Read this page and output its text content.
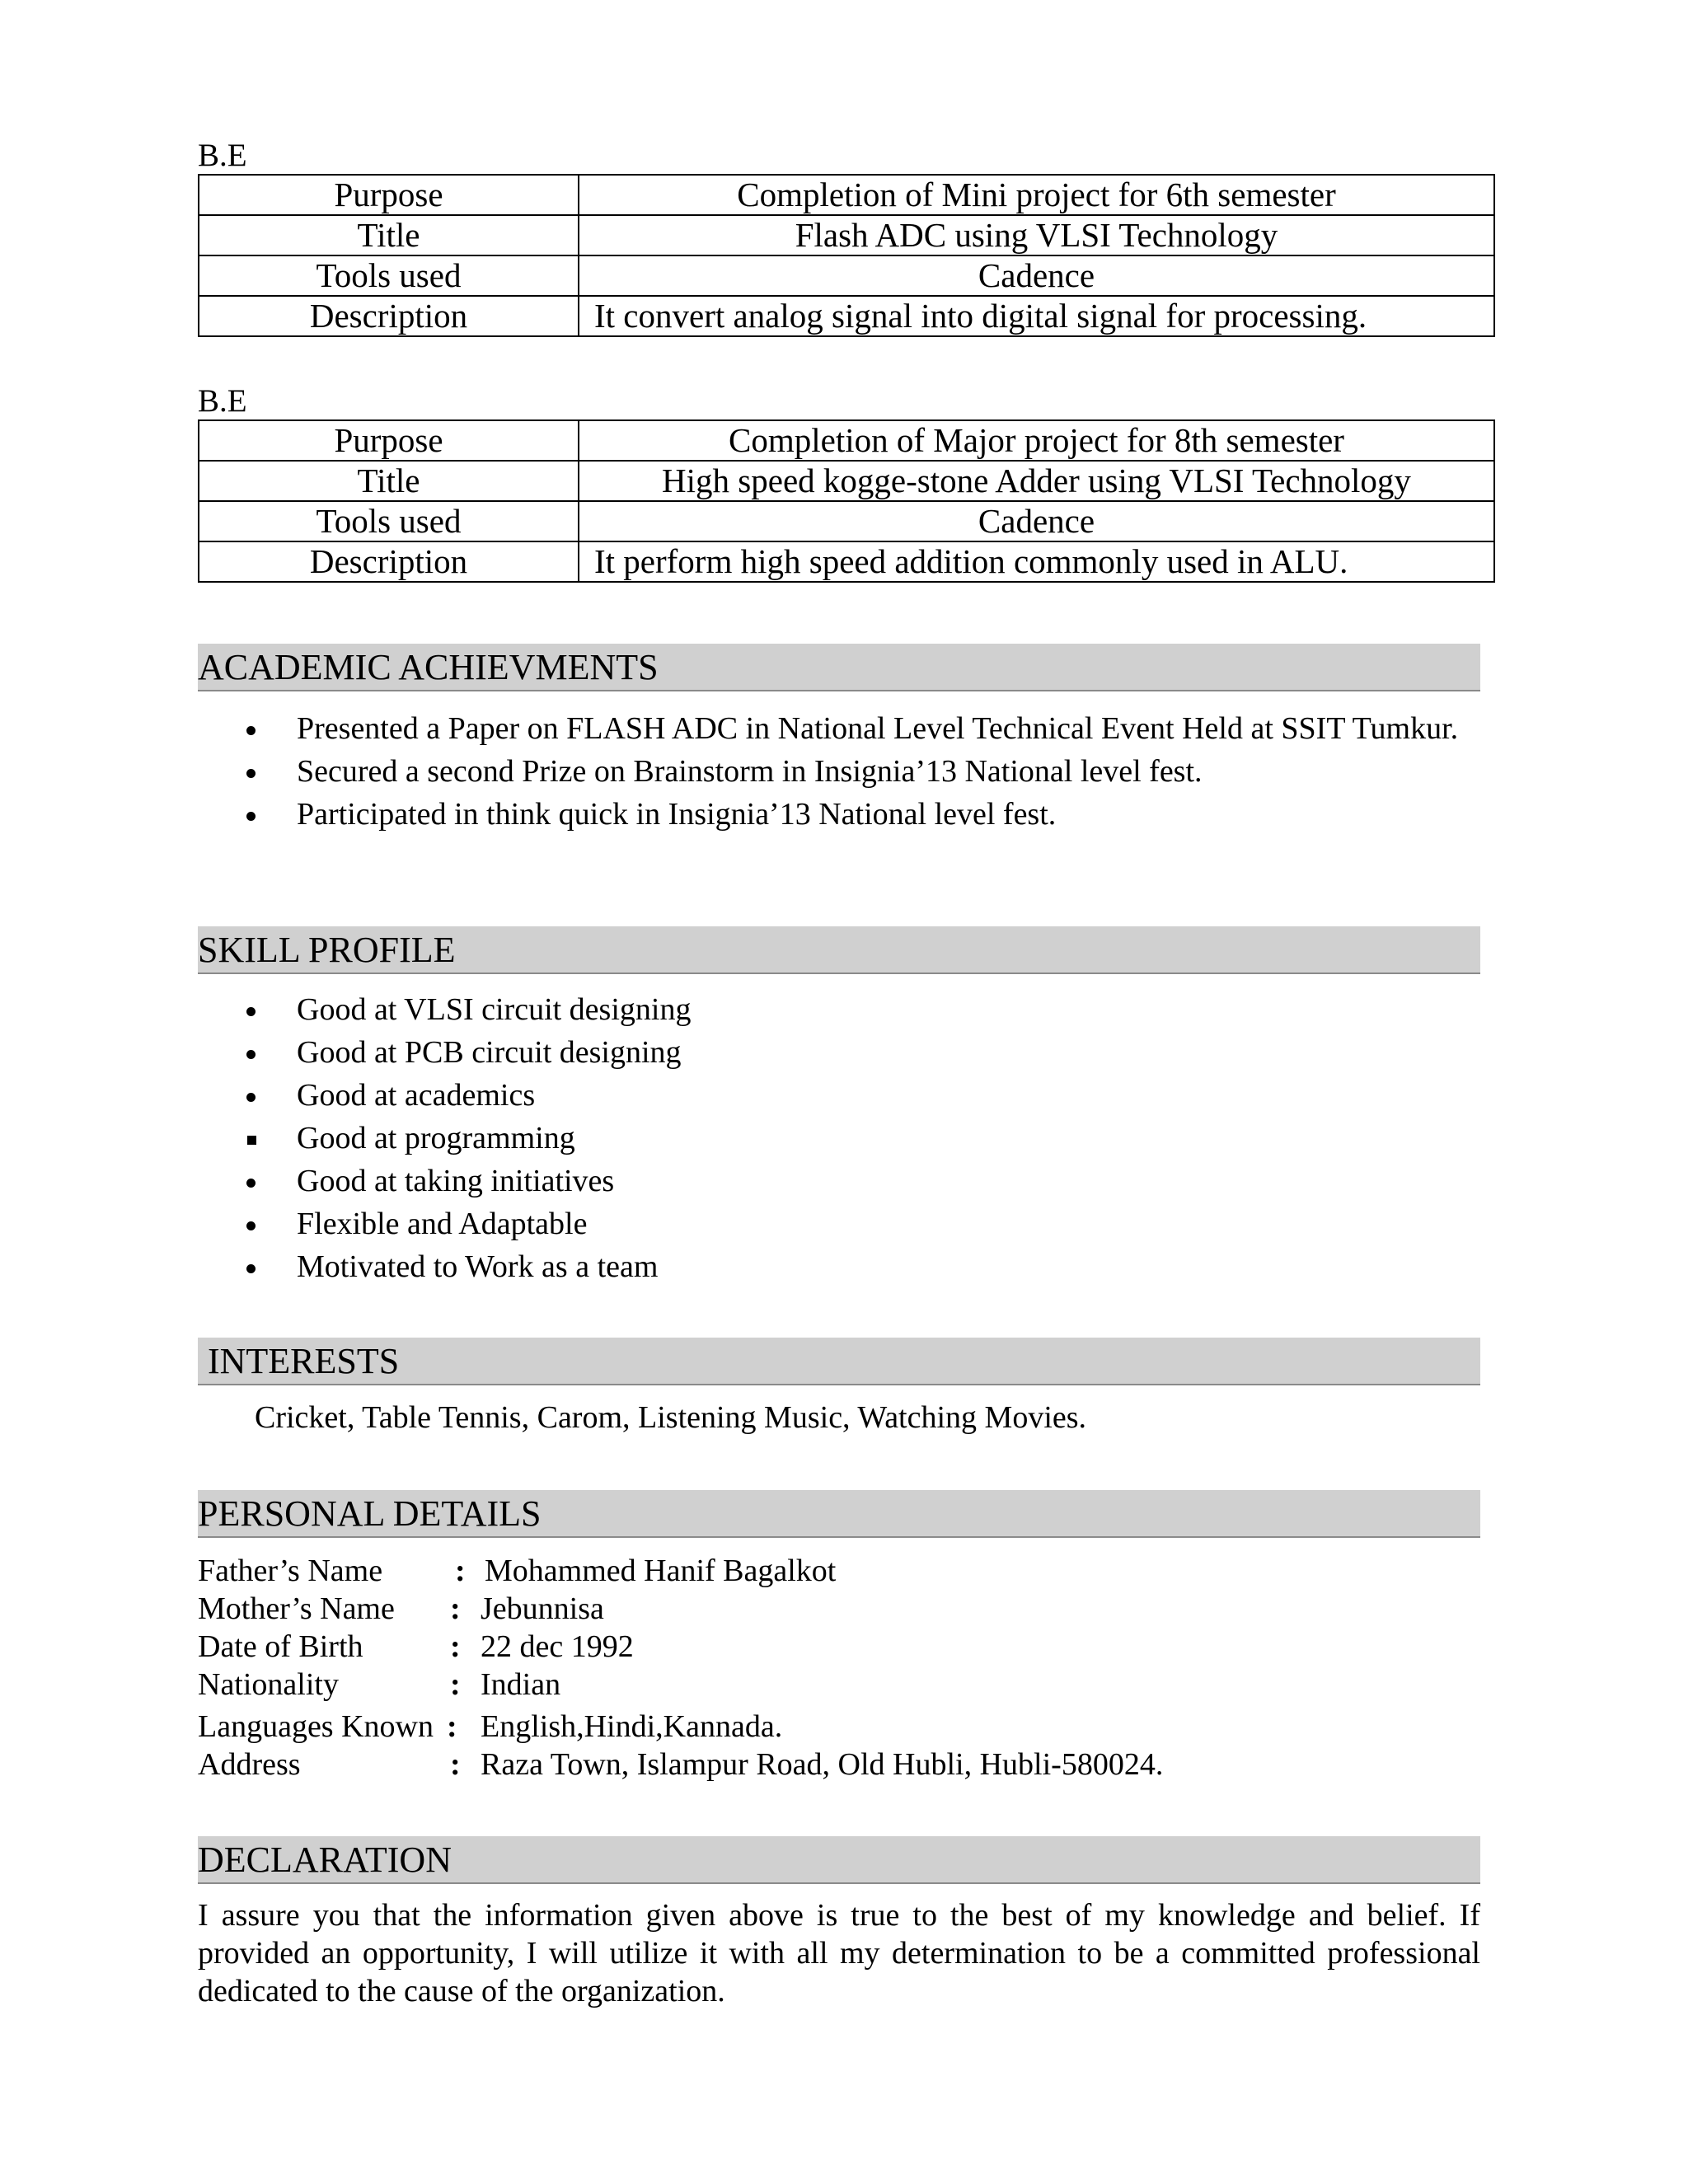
B.E
Purpose	Completion of Mini project for 6th semester
Title	Flash ADC using VLSI Technology
Tools used	Cadence
Description	It convert analog signal into digital signal for processing.
B.E
Purpose	Completion of Major project for 8th semester
Title	High speed kogge-stone Adder using VLSI Technology
Tools used	Cadence
Description	It perform high speed addition commonly used in ALU.
ACADEMIC ACHIEVMENTS
Presented a Paper on FLASH ADC in National Level Technical Event Held at SSIT Tumkur.
Secured a second Prize on Brainstorm in Insignia’13 National level fest.
Participated in think quick in Insignia’13 National level fest.
SKILL PROFILE
Good at VLSI circuit designing
Good at PCB circuit designing
Good at academics
Good at programming
Good at taking initiatives
Flexible and Adaptable
Motivated to Work as a team
INTERESTS
Cricket, Table Tennis, Carom, Listening Music, Watching Movies.
PERSONAL DETAILS
Father’s Name : Mohammed Hanif Bagalkot
Mother’s Name : Jebunnisa
Date of Birth	: 22 dec 1992
Nationality	: Indian
Languages Known : English,Hindi,Kannada.
Address	: Raza Town, Islampur Road, Old Hubli, Hubli-580024.
DECLARATION
I assure you that the information given above is true to the best of my knowledge and belief. If provided an opportunity, I will utilize it with all my determination to be a committed professional dedicated to the cause of the organization.
